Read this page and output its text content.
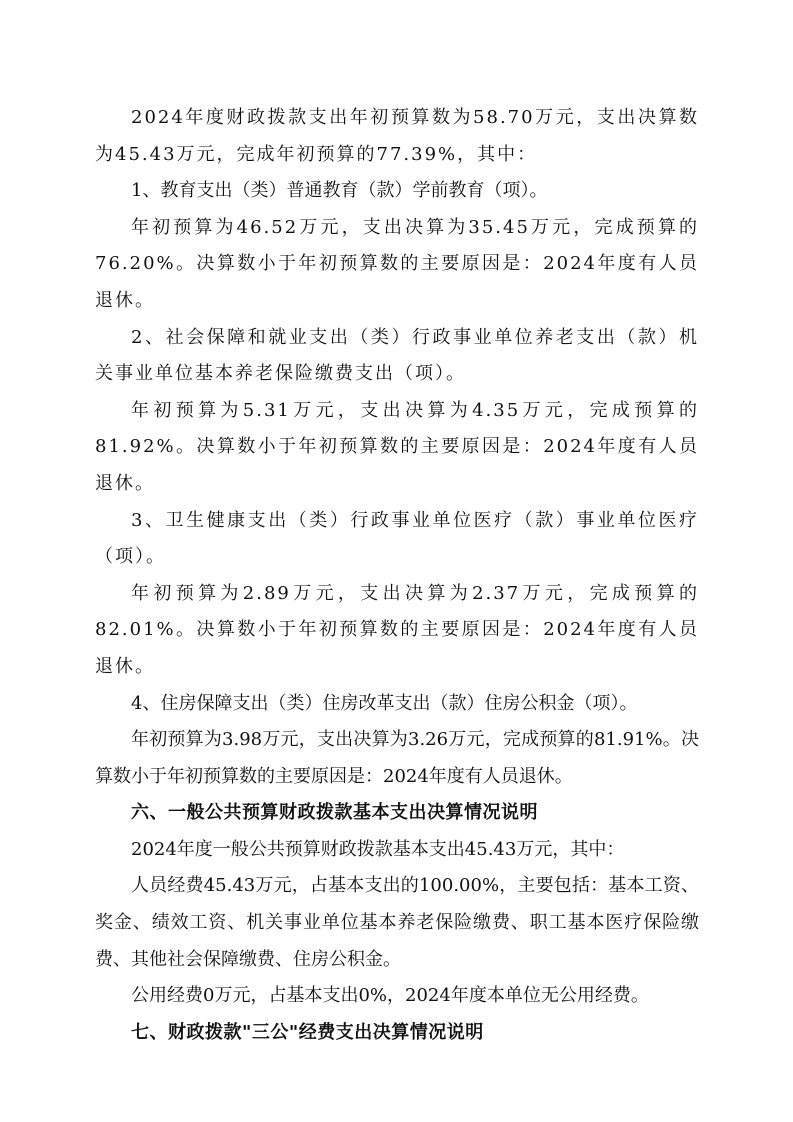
2024年度财政拨款支出年初预算数为58.70万元，支出决算数为45.43万元，完成年初预算的77.39%，其中：

1、教育支出（类）普通教育（款）学前教育（项）。

年初预算为46.52万元，支出决算为35.45万元，完成预算的76.20%。决算数小于年初预算数的主要原因是：2024年度有人员退休。

2、社会保障和就业支出（类）行政事业单位养老支出（款）机关事业单位基本养老保险缴费支出（项）。

年初预算为5.31万元，支出决算为4.35万元，完成预算的81.92%。决算数小于年初预算数的主要原因是：2024年度有人员退休。

3、卫生健康支出（类）行政事业单位医疗（款）事业单位医疗（项）。

年初预算为2.89万元，支出决算为2.37万元，完成预算的82.01%。决算数小于年初预算数的主要原因是：2024年度有人员退休。

4、住房保障支出（类）住房改革支出（款）住房公积金（项）。

年初预算为3.98万元，支出决算为3.26万元，完成预算的81.91%。决算数小于年初预算数的主要原因是：2024年度有人员退休。

六、一般公共预算财政拨款基本支出决算情况说明

2024年度一般公共预算财政拨款基本支出45.43万元，其中：

人员经费45.43万元，占基本支出的100.00%，主要包括：基本工资、奖金、绩效工资、机关事业单位基本养老保险缴费、职工基本医疗保险缴费、其他社会保障缴费、住房公积金。

公用经费0万元，占基本支出0%，2024年度本单位无公用经费。

七、财政拨款"三公"经费支出决算情况说明
